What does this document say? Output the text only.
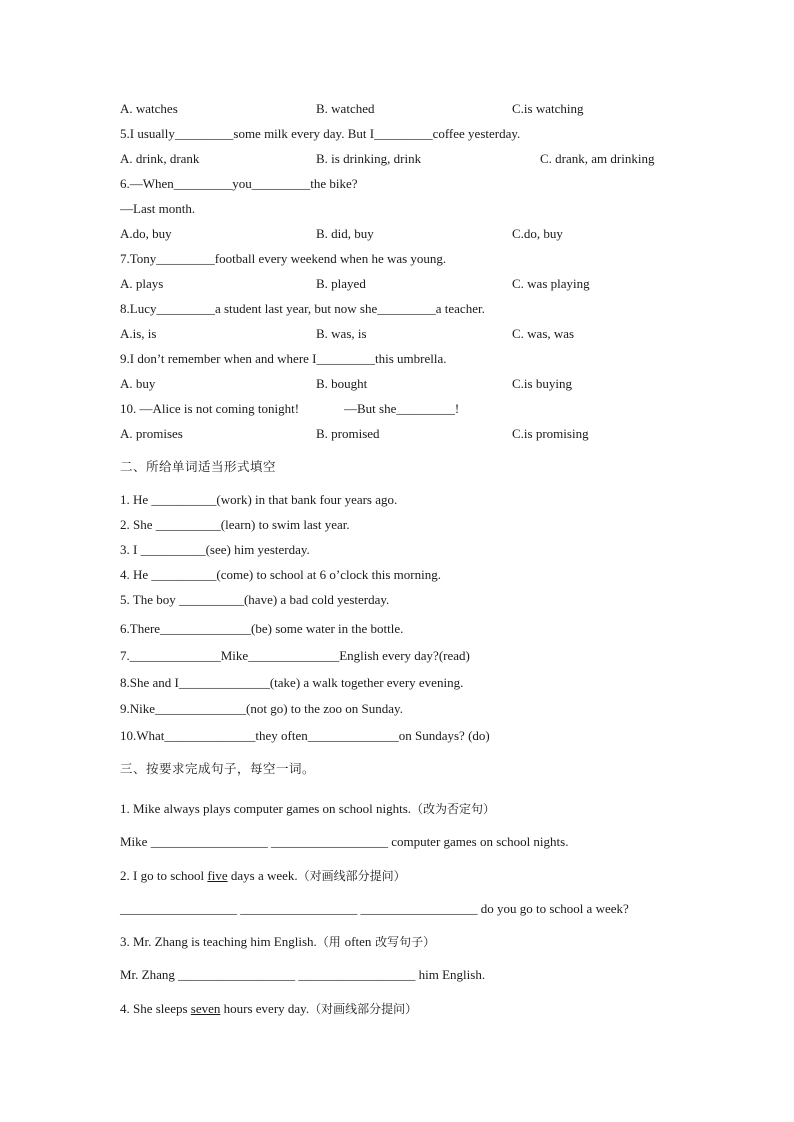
A. watches	B. watched	C.is watching
5.I usually_________some milk every day. But I_________coffee yesterday.
A. drink, drank	B. is drinking, drink	C. drank, am drinking
6.—When_________you_________the bike?
—Last month.
A.do, buy	B. did, buy	C.do, buy
7.Tony_________football every weekend when he was young.
A. plays	B. played	C. was playing
8.Lucy_________a student last year, but now she_________a teacher.
A.is, is	B. was, is	C. was, was
9.I don’t remember when and where I_________this umbrella.
A. buy	B. bought	C.is buying
10. —Alice is not coming tonight!	—But she_________!
A. promises	B. promised	C.is promising
二、所给单词适当形式填空
1. He __________(work) in that bank four years ago.
2. She __________(learn) to swim last year.
3. I __________(see) him yesterday.
4. He __________(come) to school at 6 o’clock this morning.
5. The boy __________(have) a bad cold yesterday.
6.There______________(be) some water in the bottle.
7.______________Mike______________English every day?(read)
8.She and I______________(take) a walk together every evening.
9.Nike______________(not go) to the zoo on Sunday.
10.What______________they often______________on Sundays? (do)
三、按要求完成句子，每空一词。
1. Mike always plays computer games on school nights.（改为否定句）
Mike __________________ __________________ computer games on school nights.
2. I go to school five days a week.（对画线部分提问）
__________________ __________________ __________________ do you go to school a week?
3. Mr. Zhang is teaching him English.（用 often 改写句子）
Mr. Zhang __________________ __________________ him English.
4. She sleeps seven hours every day.（对画线部分提问）
